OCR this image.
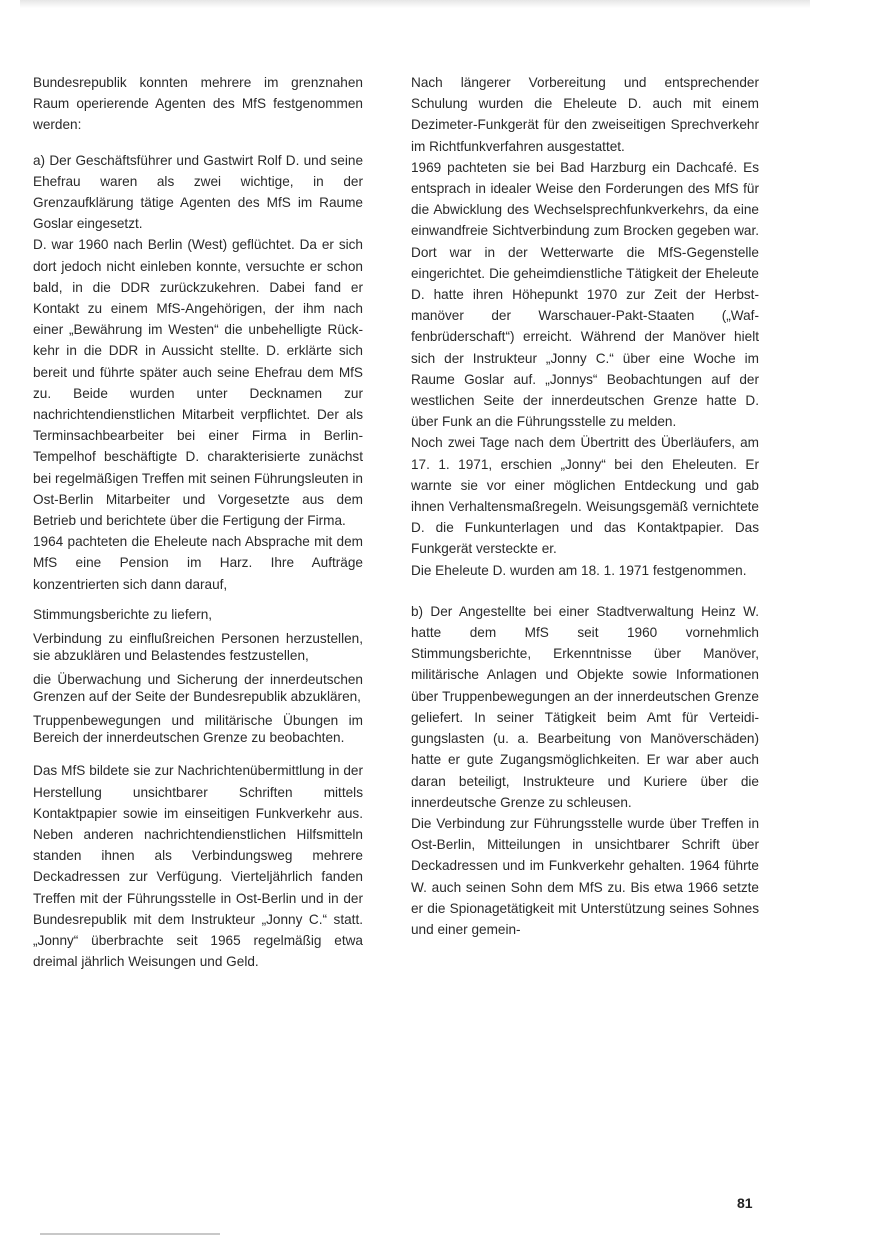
Bundesrepublik konnten mehrere im grenznahen Raum operierende Agenten des MfS festgenommen werden:

a) Der Geschäftsführer und Gastwirt Rolf D. und seine Ehefrau waren als zwei wichtige, in der Grenzaufklärung tätige Agenten des MfS im Raume Goslar eingesetzt.

D. war 1960 nach Berlin (West) geflüchtet. Da er sich dort jedoch nicht einleben konnte, versuchte er schon bald, in die DDR zurückzukehren. Dabei fand er Kontakt zu einem MfS-Angehörigen, der ihm nach einer „Bewährung im Westen“ die unbehelligte Rückkehr in die DDR in Aussicht stellte. D. erklärte sich bereit und führte später auch seine Ehefrau dem MfS zu. Beide wurden unter Decknamen zur nachrichtendienstlichen Mitarbeit verpflichtet. Der als Terminsachbearbeiter bei einer Firma in Berlin-Tempelhof beschäftigte D. charakterisierte zunächst bei regelmäßigen Treffen mit seinen Führungsleuten in Ost-Berlin Mitarbeiter und Vorgesetzte aus dem Betrieb und berichtete über die Fertigung der Firma.

1964 pachteten die Eheleute nach Absprache mit dem MfS eine Pension im Harz. Ihre Aufträge konzentrierten sich dann darauf,

Stimmungsberichte zu liefern,

Verbindung zu einflußreichen Personen herzustellen, sie abzuklären und Belastendes festzustellen,

die Überwachung und Sicherung der innerdeutschen Grenzen auf der Seite der Bundesrepublik abzuklären,

Truppenbewegungen und militärische Übungen im Bereich der innerdeutschen Grenze zu beobachten.

Das MfS bildete sie zur Nachrichtenübermittlung in der Herstellung unsichtbarer Schriften mittels Kontaktpapier sowie im einseitigen Funkverkehr aus. Neben anderen nachrichtendienstlichen Hilfsmitteln standen ihnen als Verbindungsweg mehrere Deckadressen zur Verfügung. Vierteljährlich fanden Treffen mit der Führungsstelle in Ost-Berlin und in der Bundesrepublik mit dem Instrukteur „Jonny C.“ statt. „Jonny“ überbrachte seit 1965 regelmäßig etwa dreimal jährlich Weisungen und Geld.

Nach längerer Vorbereitung und entsprechender Schulung wurden die Eheleute D. auch mit einem Dezimeter-Funkgerät für den zweiseitigen Sprechverkehr im Richtfunkverfahren ausgestattet.

1969 pachteten sie bei Bad Harzburg ein Dachcafé. Es entsprach in idealer Weise den Forderungen des MfS für die Abwicklung des Wechselsprechfunkverkehrs, da eine einwandfreie Sichtverbindung zum Brocken gegeben war. Dort war in der Wetterwarte die MfS-Gegenstelle eingerichtet. Die geheimdienstliche Tätigkeit der Eheleute D. hatte ihren Höhepunkt 1970 zur Zeit der Herbstmanöver der Warschauer-Pakt-Staaten („Waffenbrüderschaft“) erreicht. Während der Manöver hielt sich der Instrukteur „Jonny C.“ über eine Woche im Raume Goslar auf. „Jonnys“ Beobachtungen auf der westlichen Seite der innerdeutschen Grenze hatte D. über Funk an die Führungsstelle zu melden.

Noch zwei Tage nach dem Übertritt des Überläufers, am 17. 1. 1971, erschien „Jonny“ bei den Eheleuten. Er warnte sie vor einer möglichen Entdeckung und gab ihnen Verhaltensmaßregeln. Weisungsgemäß vernichtete D. die Funkunterlagen und das Kontaktpapier. Das Funkgerät versteckte er.

Die Eheleute D. wurden am 18. 1. 1971 festgenommen.

b) Der Angestellte bei einer Stadtverwaltung Heinz W. hatte dem MfS seit 1960 vornehmlich Stimmungsberichte, Erkenntnisse über Manöver, militärische Anlagen und Objekte sowie Informationen über Truppenbewegungen an der innerdeutschen Grenze geliefert. In seiner Tätigkeit beim Amt für Verteidigungslasten (u. a. Bearbeitung von Manöverschäden) hatte er gute Zugangsmöglichkeiten. Er war aber auch daran beteiligt, Instrukteure und Kuriere über die innerdeutsche Grenze zu schleusen.

Die Verbindung zur Führungsstelle wurde über Treffen in Ost-Berlin, Mitteilungen in unsichtbarer Schrift über Deckadressen und im Funkverkehr gehalten. 1964 führte W. auch seinen Sohn dem MfS zu. Bis etwa 1966 setzte er die Spionagetätigkeit mit Unterstützung seines Sohnes und einer gemein-

81
